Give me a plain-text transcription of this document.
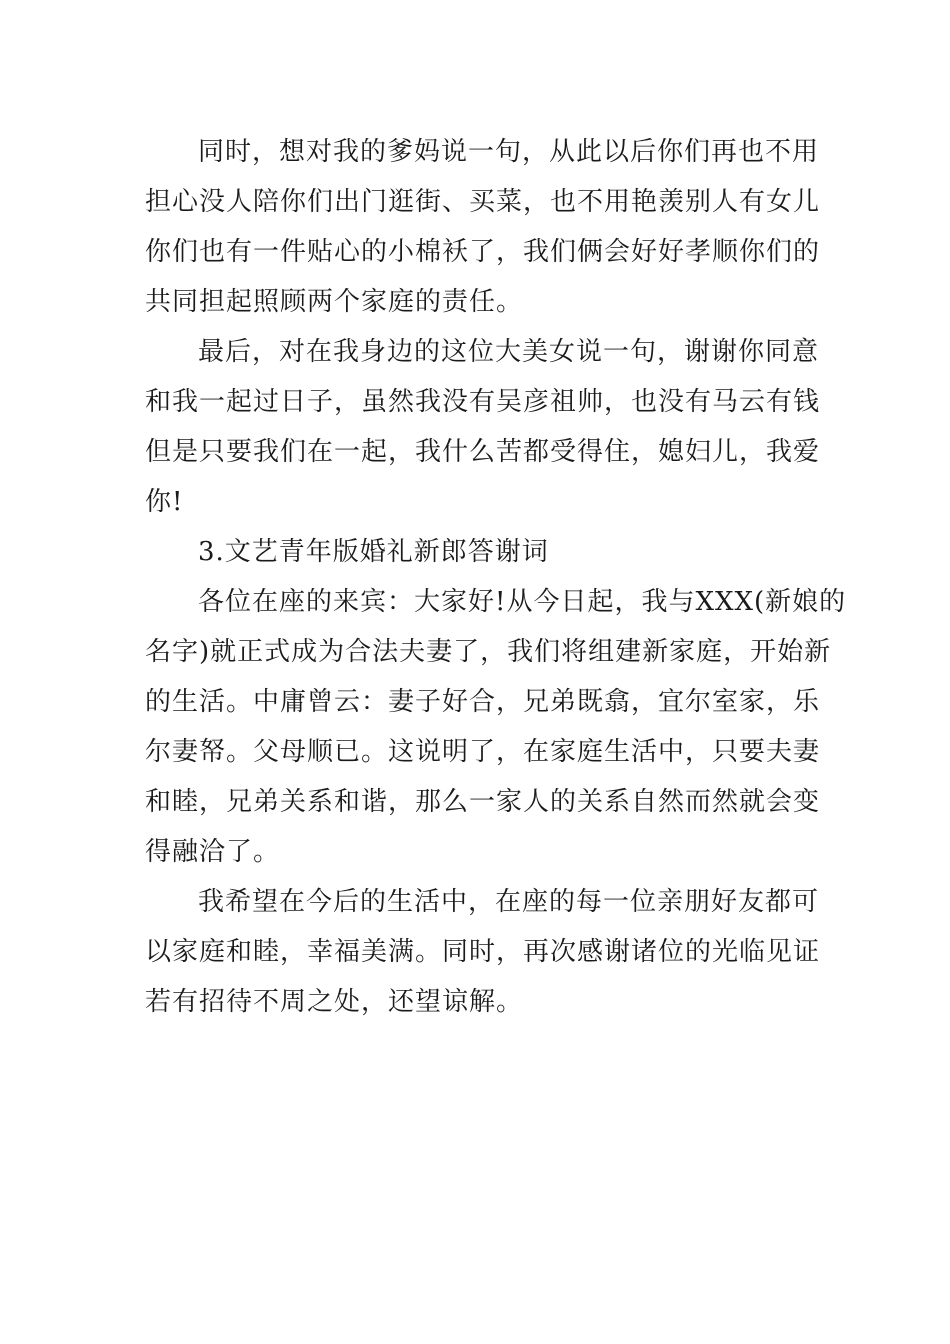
同时，想对我的爹妈说一句，从此以后你们再也不用
担心没人陪你们出门逛街、买菜，也不用艳羡别人有女儿
你们也有一件贴心的小棉袄了，我们俩会好好孝顺你们的
共同担起照顾两个家庭的责任。

最后，对在我身边的这位大美女说一句，谢谢你同意
和我一起过日子，虽然我没有吴彦祖帅，也没有马云有钱
但是只要我们在一起，我什么苦都受得住，媳妇儿，我爱
你!

3.文艺青年版婚礼新郎答谢词

各位在座的来宾：大家好!从今日起，我与XXX(新娘的
名字)就正式成为合法夫妻了，我们将组建新家庭，开始新
的生活。中庸曾云：妻子好合，兄弟既翕，宜尔室家，乐
尔妻帑。父母顺已。这说明了，在家庭生活中，只要夫妻
和睦，兄弟关系和谐，那么一家人的关系自然而然就会变
得融洽了。

我希望在今后的生活中，在座的每一位亲朋好友都可
以家庭和睦，幸福美满。同时，再次感谢诸位的光临见证
若有招待不周之处，还望谅解。
